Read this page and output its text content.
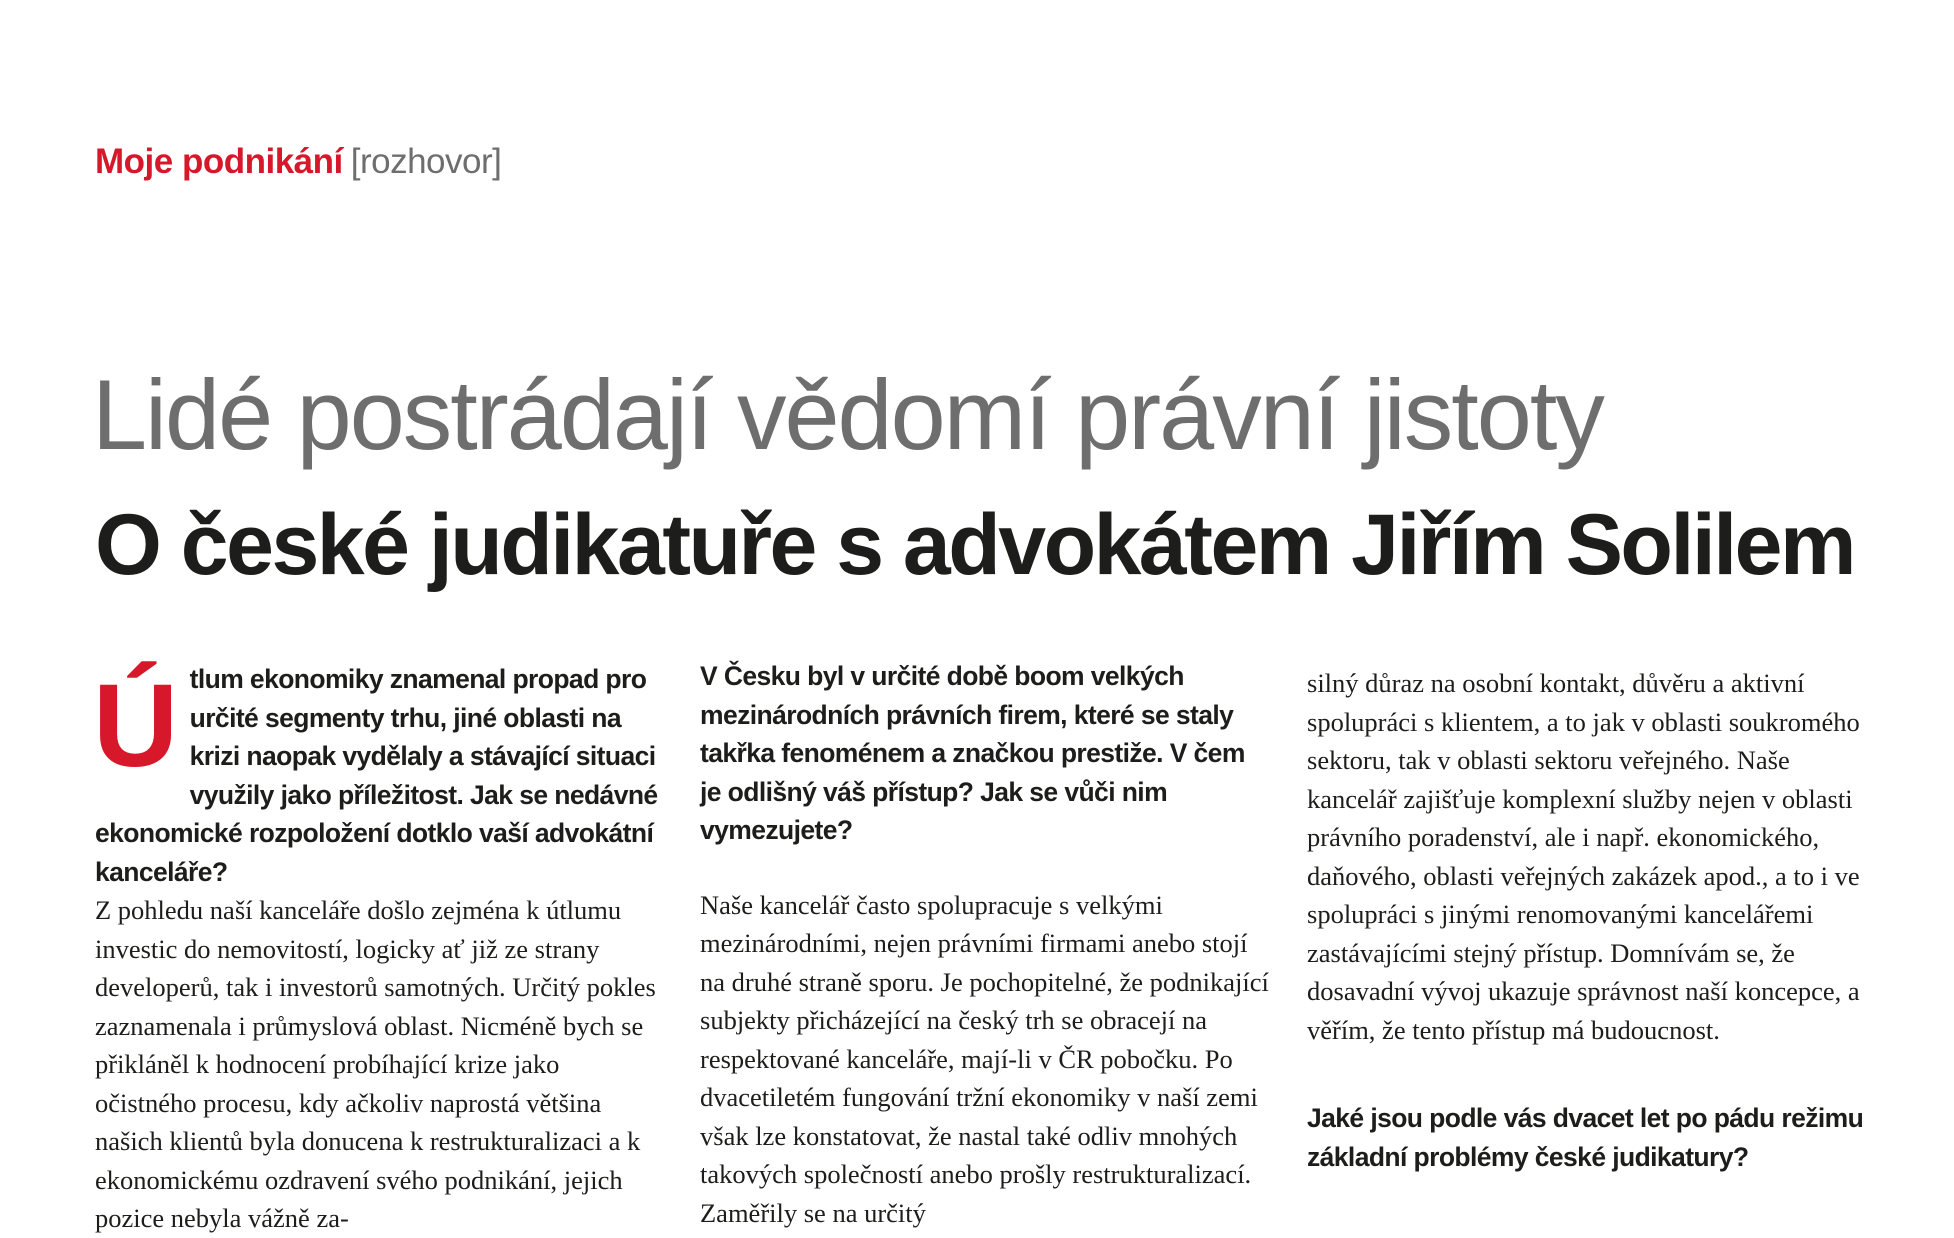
Moje podnikání [rozhovor]
Lidé postrádají vědomí právní jistoty
O české judikatuře s advokátem Jiřím Solilem

Útlum ekonomiky znamenal propad pro určité segmenty trhu, jiné oblasti na krizi naopak vydělaly a stávající situaci využily jako příležitost. Jak se nedávné ekonomické rozpoložení dotklo vaší advokátní kanceláře?

Z pohledu naší kanceláře došlo zejména k útlumu investic do nemovitostí, logicky ať již ze strany developerů, tak i investorů samotných. Určitý pokles zaznamenala i průmyslová oblast. Nicméně bych se přikláněl k hodnocení probíhající krize jako očistného procesu, kdy ačkoliv naprostá většina našich klientů byla donucena k restrukturalizaci a k ekonomickému ozdravení svého podnikání, jejich pozice nebyla vážně za-

V Česku byl v určité době boom velkých mezinárodních právních firem, které se staly takřka fenoménem a značkou prestiže. V čem je odlišný váš přístup? Jak se vůči nim vymezujete?

Naše kancelář často spolupracuje s velkými mezinárodními, nejen právními firmami anebo stojí na druhé straně sporu. Je pochopitelné, že podnikající subjekty přicházející na český trh se obracejí na respektované kanceláře, mají-li v ČR pobočku. Po dvacetiletém fungování tržní ekonomiky v naší zemi však lze konstatovat, že nastal také odliv mnohých takových společností anebo prošly restrukturalizací. Zaměřily se na určitý

silný důraz na osobní kontakt, důvěru a aktivní spolupráci s klientem, a to jak v oblasti soukromého sektoru, tak v oblasti sektoru veřejného. Naše kancelář zajišťuje komplexní služby nejen v oblasti právního poradenství, ale i např. ekonomického, daňového, oblasti veřejných zakázek apod., a to i ve spolupráci s jinými renomovanými kancelářemi zastávajícími stejný přístup. Domnívám se, že dosavadní vývoj ukazuje správnost naší koncepce, a věřím, že tento přístup má budoucnost.

Jaké jsou podle vás dvacet let po pádu režimu základní problémy české judikatury?
